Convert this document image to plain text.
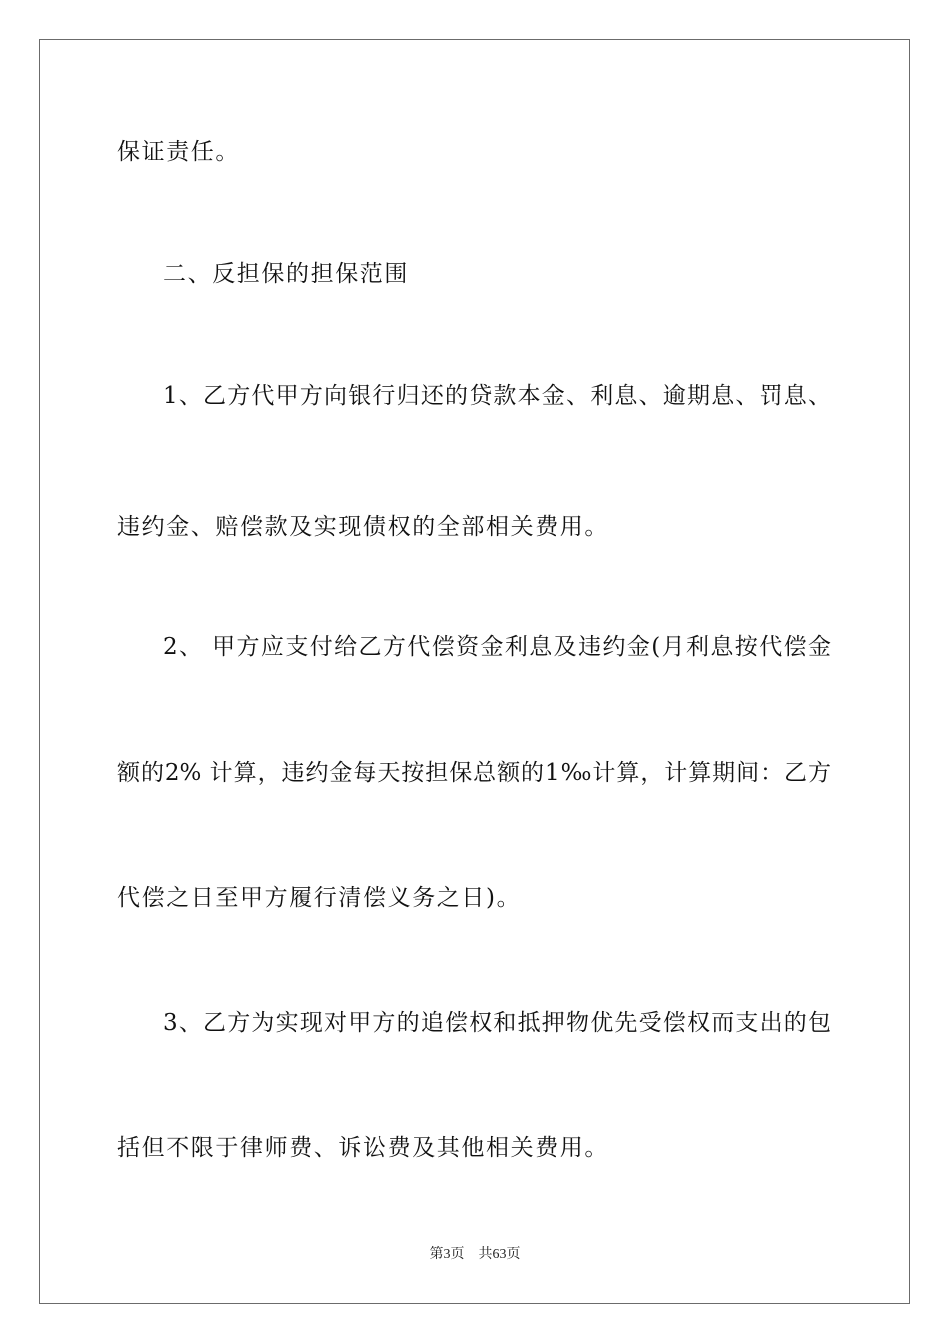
保证责任。
二、反担保的担保范围
1、乙方代甲方向银行归还的贷款本金、利息、逾期息、罚息、
违约金、赔偿款及实现债权的全部相关费用。
2、 甲方应支付给乙方代偿资金利息及违约金(月利息按代偿金
额的2% 计算，违约金每天按担保总额的1‰计算，计算期间：乙方
代偿之日至甲方履行清偿义务之日)。
3、乙方为实现对甲方的追偿权和抵押物优先受偿权而支出的包
括但不限于律师费、诉讼费及其他相关费用。
第3页 共63页
